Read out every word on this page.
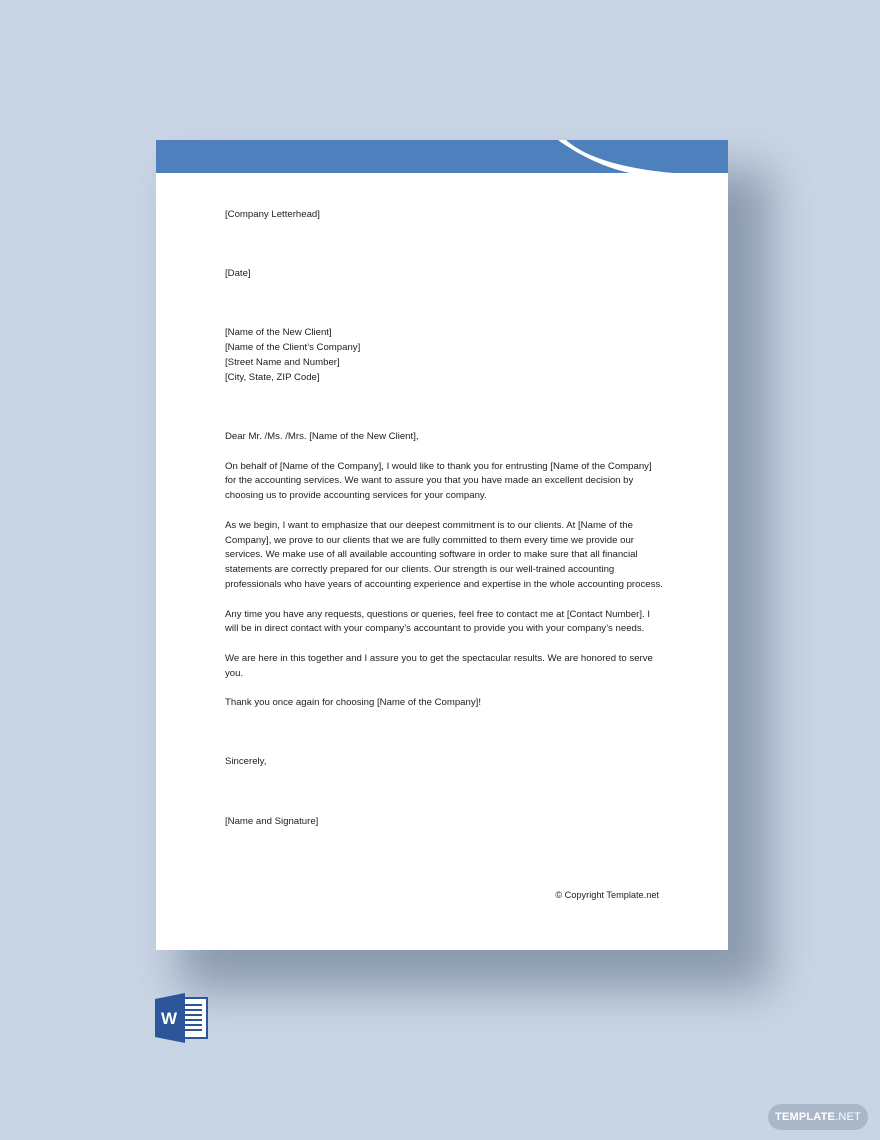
[Company Letterhead]

[Date]

[Name of the New Client]

[Name of the Client’s Company]

[Street Name and Number]

[City, State, ZIP Code]

Dear Mr. /Ms. /Mrs. [Name of the New Client],

On behalf of [Name of the Company], I would like to thank you for entrusting [Name of the Company] for the accounting services. We want to assure you that you have made an excellent decision by choosing us to provide accounting services for your company.

As we begin, I want to emphasize that our deepest commitment is to our clients. At [Name of the Company], we prove to our clients that we are fully committed to them every time we provide our services. We make use of all available accounting software in order to make sure that all financial statements are correctly prepared for our clients. Our strength is our well-trained accounting professionals who have years of accounting experience and expertise in the whole accounting process.

Any time you have any requests, questions or queries, feel free to contact me at [Contact Number]. I will be in direct contact with your company’s accountant to provide you with your company’s needs.

We are here in this together and I assure you to get the spectacular results. We are honored to serve you.

Thank you once again for choosing [Name of the Company]!

Sincerely,

[Name and Signature]

© Copyright Template.net
W
TEMPLATE.NET
